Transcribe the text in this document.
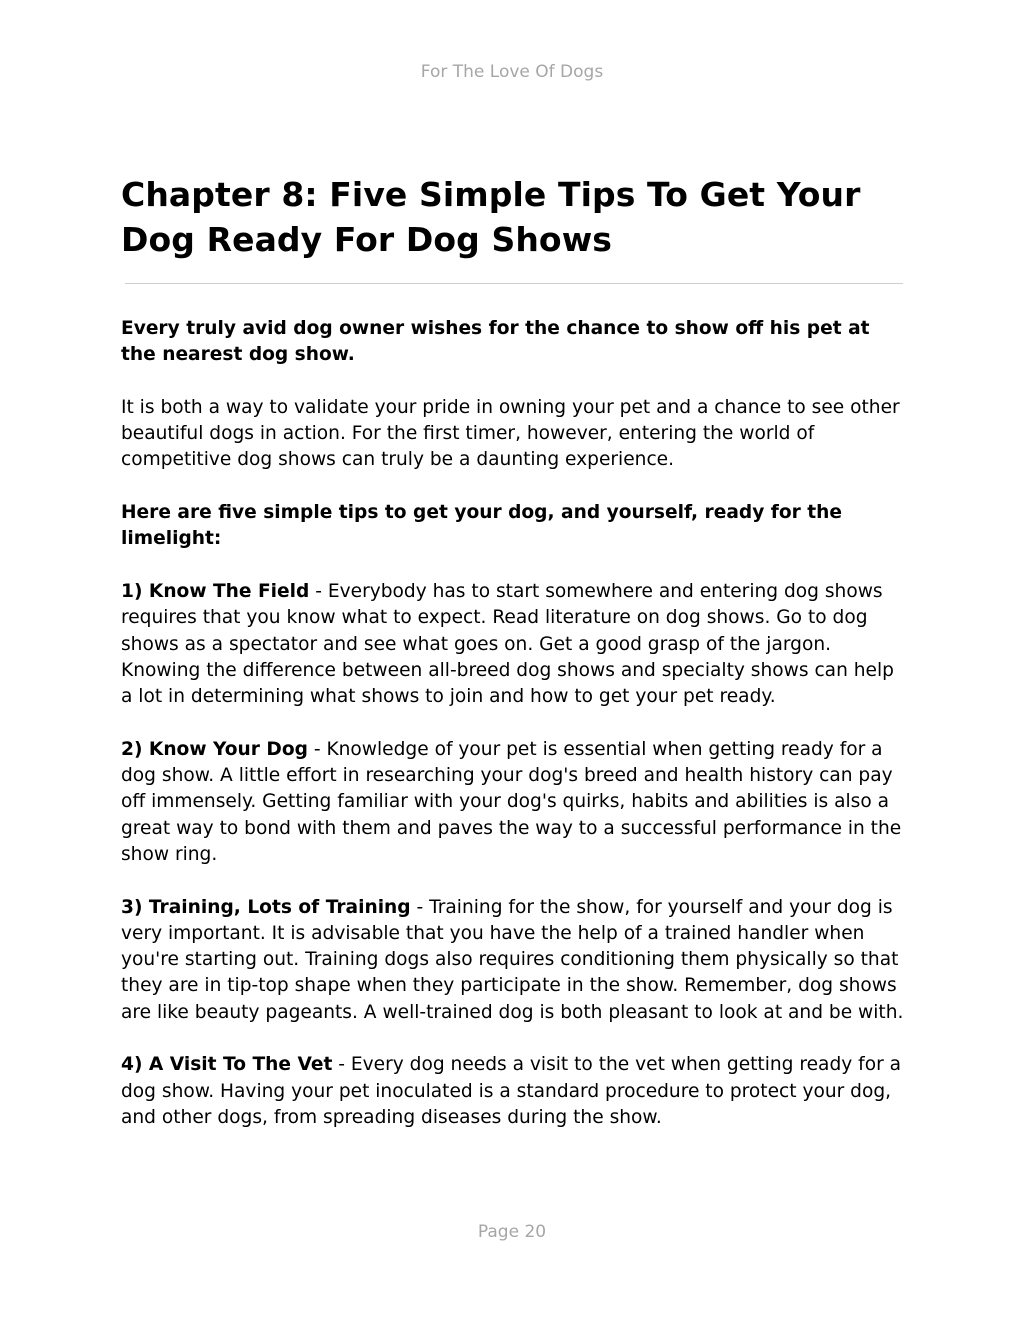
For The Love Of Dogs
Chapter 8: Five Simple Tips To Get Your Dog Ready For Dog Shows

Every truly avid dog owner wishes for the chance to show off his pet at the nearest dog show.

It is both a way to validate your pride in owning your pet and a chance to see other beautiful dogs in action. For the first timer, however, entering the world of competitive dog shows can truly be a daunting experience.

Here are five simple tips to get your dog, and yourself, ready for the limelight:

1) Know The Field - Everybody has to start somewhere and entering dog shows requires that you know what to expect. Read literature on dog shows. Go to dog shows as a spectator and see what goes on. Get a good grasp of the jargon. Knowing the difference between all-breed dog shows and specialty shows can help a lot in determining what shows to join and how to get your pet ready.

2) Know Your Dog - Knowledge of your pet is essential when getting ready for a dog show. A little effort in researching your dog's breed and health history can pay off immensely. Getting familiar with your dog's quirks, habits and abilities is also a great way to bond with them and paves the way to a successful performance in the show ring.

3) Training, Lots of Training - Training for the show, for yourself and your dog is very important. It is advisable that you have the help of a trained handler when you're starting out. Training dogs also requires conditioning them physically so that they are in tip-top shape when they participate in the show. Remember, dog shows are like beauty pageants. A well-trained dog is both pleasant to look at and be with.

4) A Visit To The Vet - Every dog needs a visit to the vet when getting ready for a dog show. Having your pet inoculated is a standard procedure to protect your dog, and other dogs, from spreading diseases during the show.

Page 20
